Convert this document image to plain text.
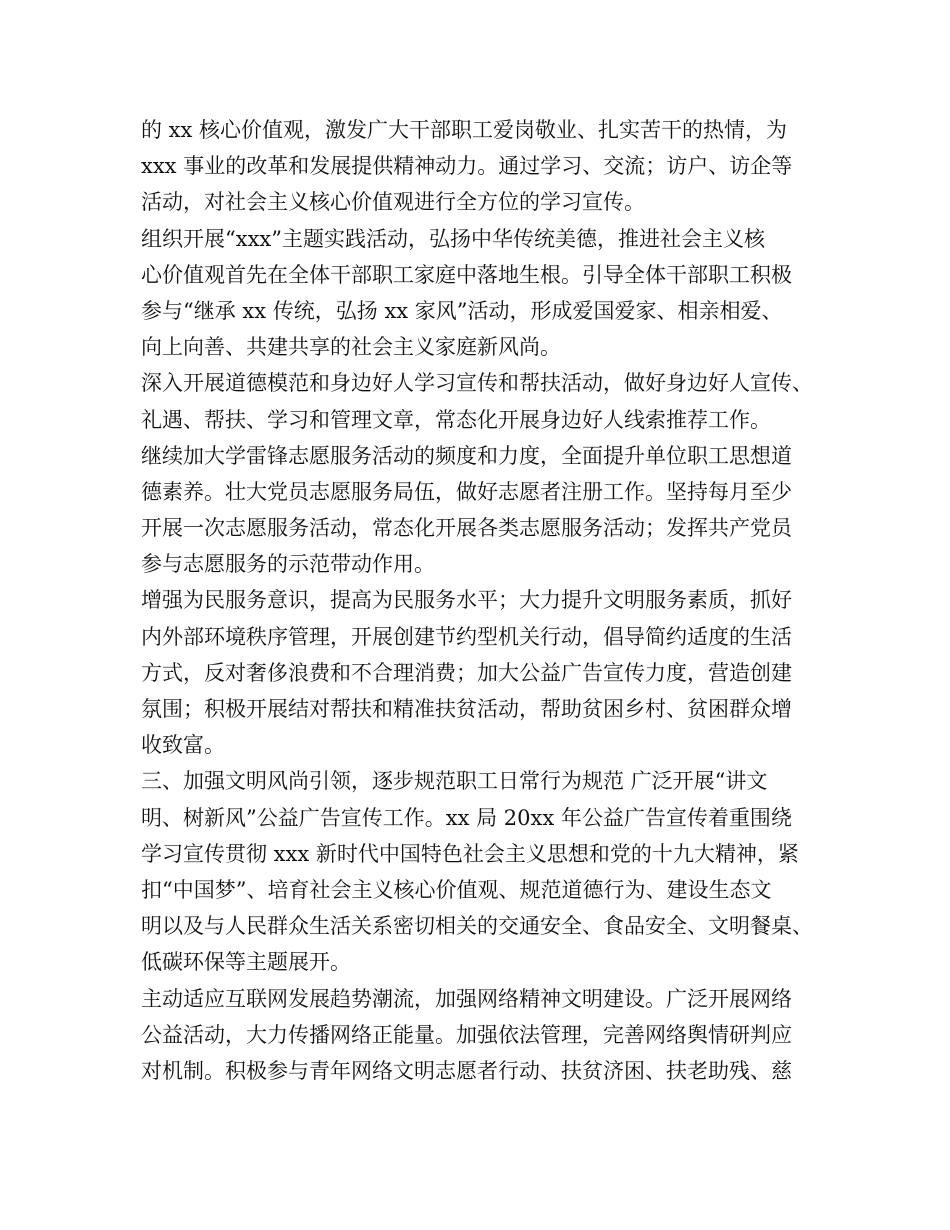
的 xx 核心价值观，激发广大干部职工爱岗敬业、扎实苦干的热情，为
xxx 事业的改革和发展提供精神动力。通过学习、交流；访户、访企等
活动，对社会主义核心价值观进行全方位的学习宣传。
组织开展“xxx”主题实践活动，弘扬中华传统美德，推进社会主义核
心价值观首先在全体干部职工家庭中落地生根。引导全体干部职工积极
参与“继承 xx 传统，弘扬 xx 家风”活动，形成爱国爱家、相亲相爱、
向上向善、共建共享的社会主义家庭新风尚。
深入开展道德模范和身边好人学习宣传和帮扶活动，做好身边好人宣传、
礼遇、帮扶、学习和管理文章，常态化开展身边好人线索推荐工作。
继续加大学雷锋志愿服务活动的频度和力度，全面提升单位职工思想道
德素养。壮大党员志愿服务局伍，做好志愿者注册工作。坚持每月至少
开展一次志愿服务活动，常态化开展各类志愿服务活动；发挥共产党员
参与志愿服务的示范带动作用。
增强为民服务意识，提高为民服务水平；大力提升文明服务素质，抓好
内外部环境秩序管理，开展创建节约型机关行动，倡导简约适度的生活
方式，反对奢侈浪费和不合理消费；加大公益广告宣传力度，营造创建
氛围；积极开展结对帮扶和精准扶贫活动，帮助贫困乡村、贫困群众增
收致富。
三、加强文明风尚引领，逐步规范职工日常行为规范 广泛开展“讲文
明、树新风”公益广告宣传工作。xx 局 20xx 年公益广告宣传着重围绕
学习宣传贯彻 xxx 新时代中国特色社会主义思想和党的十九大精神，紧
扣“中国梦”、培育社会主义核心价值观、规范道德行为、建设生态文
明以及与人民群众生活关系密切相关的交通安全、食品安全、文明餐桌、
低碳环保等主题展开。
主动适应互联网发展趋势潮流，加强网络精神文明建设。广泛开展网络
公益活动，大力传播网络正能量。加强依法管理，完善网络舆情研判应
对机制。积极参与青年网络文明志愿者行动、扶贫济困、扶老助残、慈
